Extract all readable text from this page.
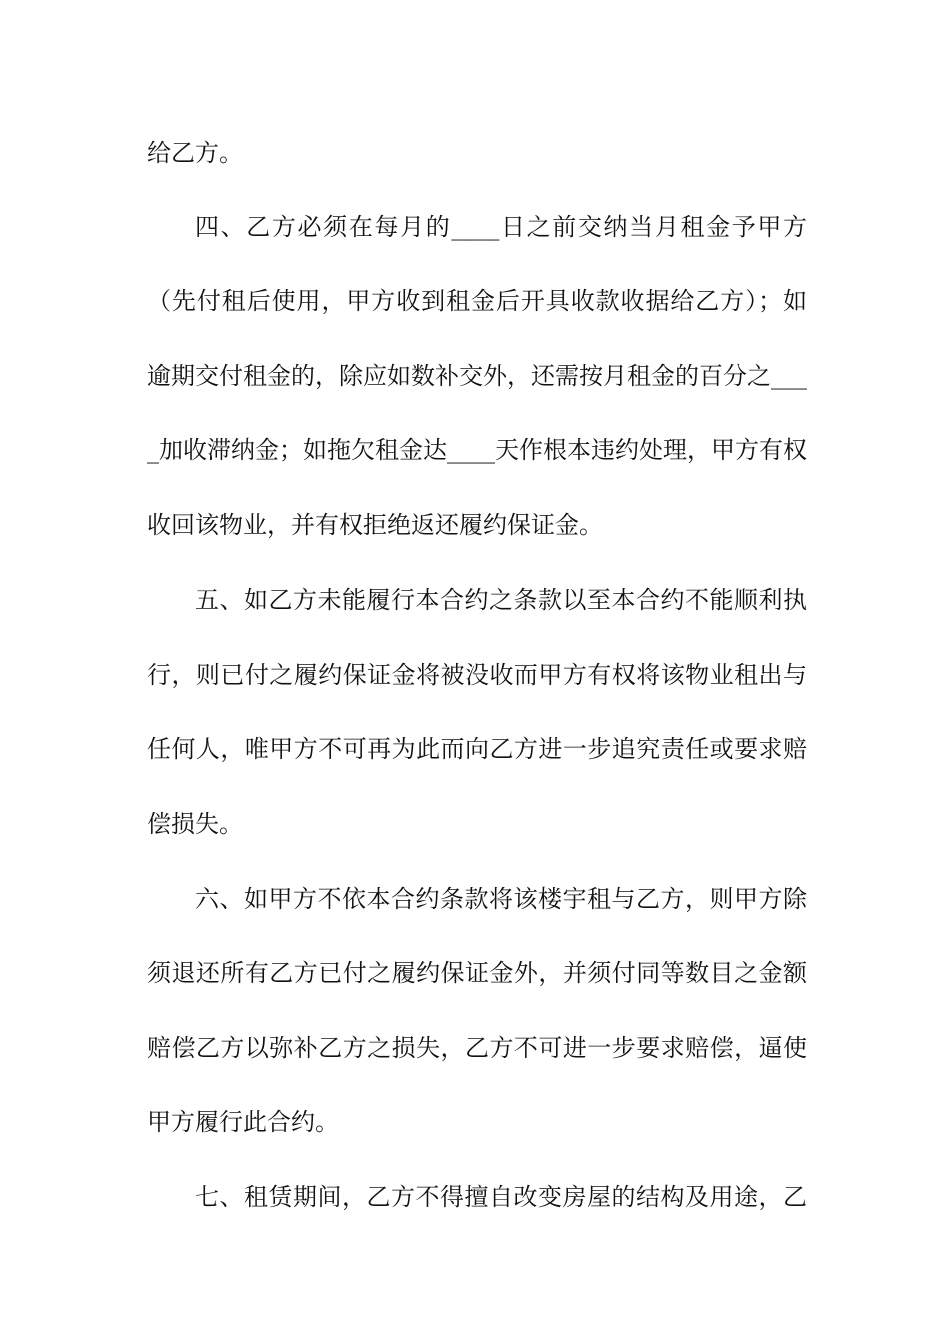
给乙方。
四、乙方必须在每月的____日之前交纳当月租金予甲方
（先付租后使用，甲方收到租金后开具收款收据给乙方）；如
逾期交付租金的，除应如数补交外，还需按月租金的百分之___
_加收滞纳金；如拖欠租金达____天作根本违约处理，甲方有权
收回该物业，并有权拒绝返还履约保证金。
五、如乙方未能履行本合约之条款以至本合约不能顺利执
行，则已付之履约保证金将被没收而甲方有权将该物业租出与
任何人，唯甲方不可再为此而向乙方进一步追究责任或要求赔
偿损失。
六、如甲方不依本合约条款将该楼宇租与乙方，则甲方除
须退还所有乙方已付之履约保证金外，并须付同等数目之金额
赔偿乙方以弥补乙方之损失，乙方不可进一步要求赔偿，逼使
甲方履行此合约。
七、租赁期间，乙方不得擅自改变房屋的结构及用途，乙
